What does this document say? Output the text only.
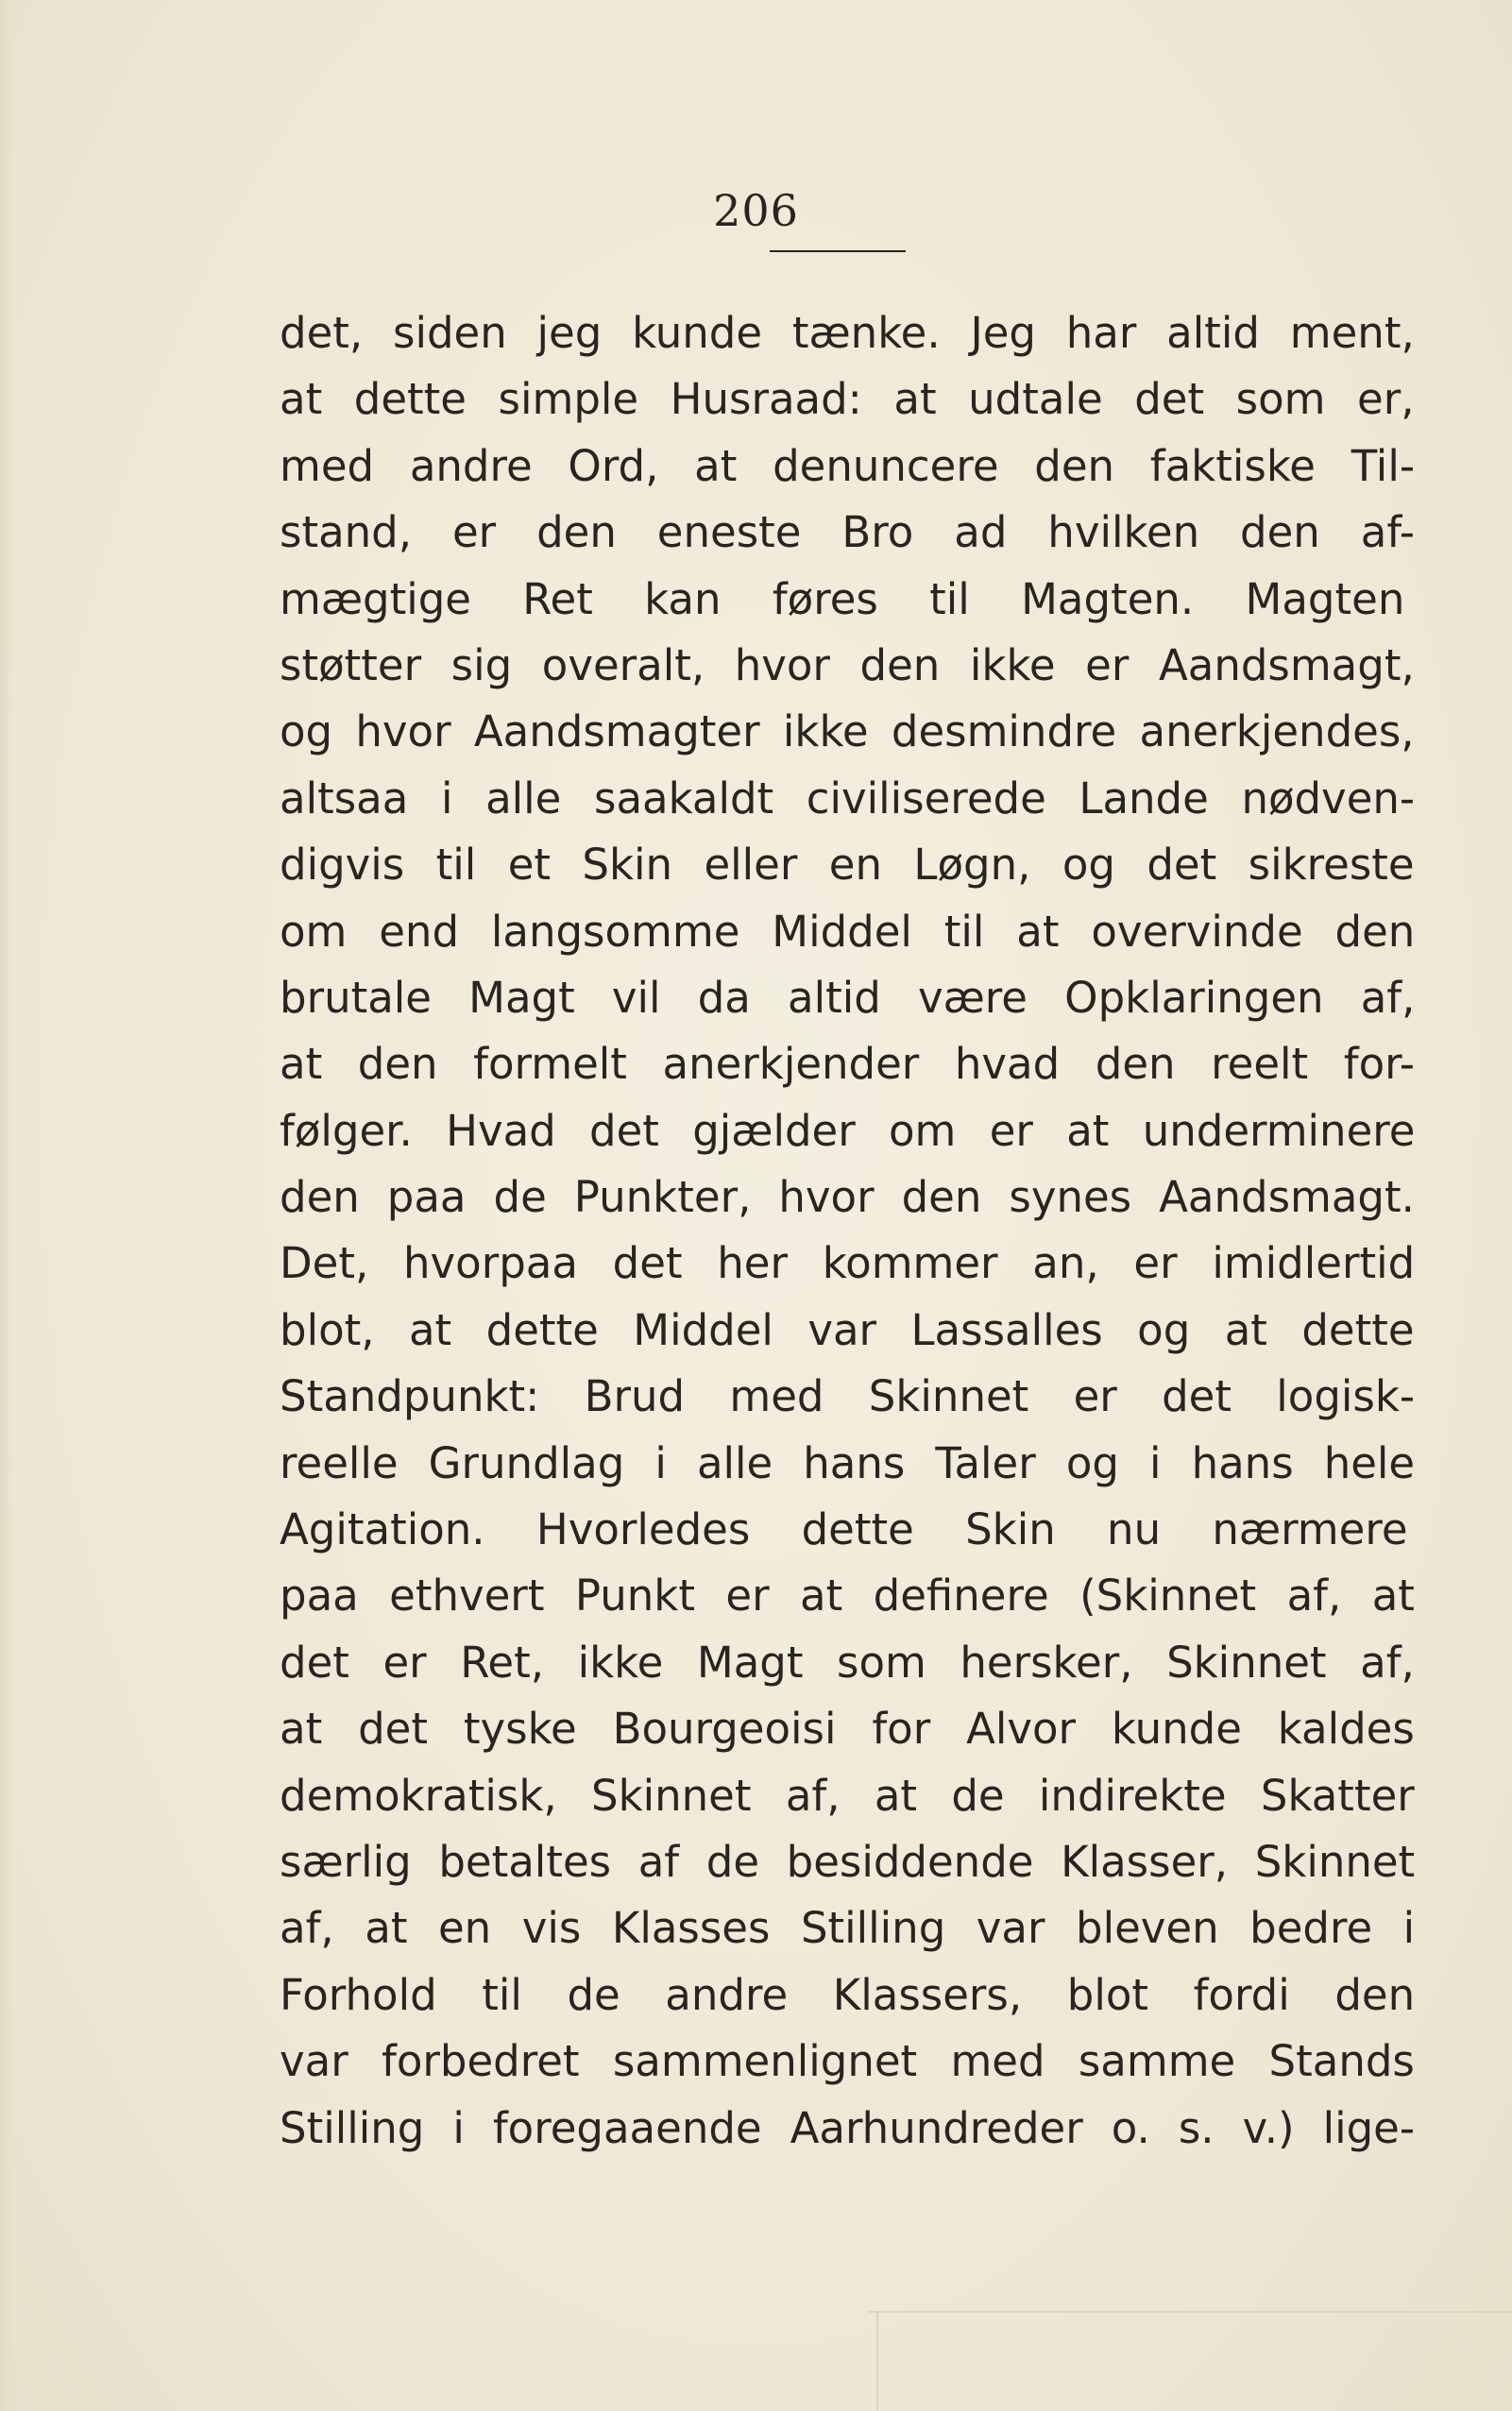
206
det, siden jeg kunde tænke. Jeg har altid ment,
at dette simple Husraad: at udtale det som er,
med andre Ord, at denuncere den faktiske Til-
stand, er den eneste Bro ad hvilken den af-
mægtige Ret kan føres til Magten. Magten
støtter sig overalt, hvor den ikke er Aandsmagt,
og hvor Aandsmagter ikke desmindre anerkjendes,
altsaa i alle saakaldt civiliserede Lande nødven-
digvis til et Skin eller en Løgn, og det sikreste
om end langsomme Middel til at overvinde den
brutale Magt vil da altid være Opklaringen af,
at den formelt anerkjender hvad den reelt for-
følger. Hvad det gjælder om er at underminere
den paa de Punkter, hvor den synes Aandsmagt.
Det, hvorpaa det her kommer an, er imidlertid
blot, at dette Middel var Lassalles og at dette
Standpunkt: Brud med Skinnet er det logisk-
reelle Grundlag i alle hans Taler og i hans hele
Agitation. Hvorledes dette Skin nu nærmere
paa ethvert Punkt er at definere (Skinnet af, at
det er Ret, ikke Magt som hersker, Skinnet af,
at det tyske Bourgeoisi for Alvor kunde kaldes
demokratisk, Skinnet af, at de indirekte Skatter
særlig betaltes af de besiddende Klasser, Skinnet
af, at en vis Klasses Stilling var bleven bedre i
Forhold til de andre Klassers, blot fordi den
var forbedret sammenlignet med samme Stands
Stilling i foregaaende Aarhundreder o. s. v.) lige-
